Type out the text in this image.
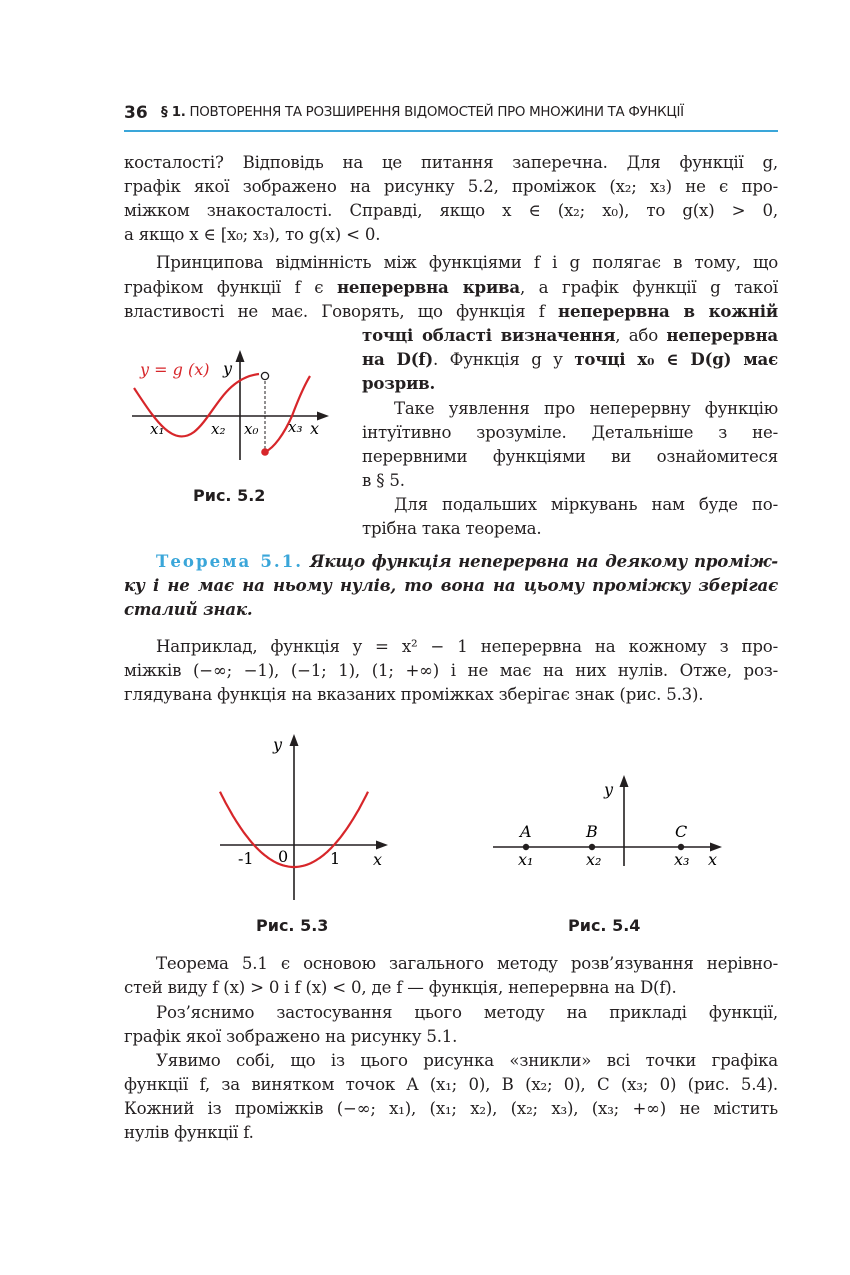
36 § 1. ПОВТОРЕННЯ ТА РОЗШИРЕННЯ ВІДОМОСТЕЙ ПРО МНОЖИНИ ТА ФУНКЦІЇ

косталості? Відповідь на це питання заперечна. Для функції g,

графік якої зображено на рисунку 5.2, проміжок (x₂; x₃) не є про-

міжком знакосталості. Справді, якщо x ∈ (x₂; x₀), то g(x) > 0,

а якщо x ∈ [x₀; x₃), то g(x) < 0.

Принципова відмінність між функціями f і g полягає в тому, що

графіком функції f є неперервна крива, а графік функції g такої

властивості не має. Говорять, що функція f неперервна в кожній

точці області визначення, або неперервна

на D(f). Функція g у точці x₀ ∈ D(g) має

розрив.

Таке уявлення про неперервну функцію

інтуїтивно зрозуміле. Детальніше з не-

перервними функціями ви ознайомитеся

в § 5.

Для подальших міркувань нам буде по-

трібна така теорема.

y = g (x) y
x₁	x₂ x₀ x₃ x
Рис. 5.2

Теорема 5.1. Якщо функція неперервна на деякому проміж-

ку і не має на ньому нулів, то вона на цьому проміжку зберігає

сталий знак.

Наприклад, функція y = x² − 1 неперервна на кожному з про-

міжків (−∞; −1), (−1; 1), (1; +∞) і не має на них нулів. Отже, роз-

глядувана функція на вказаних проміжках зберігає знак (рис. 5.3).

y
x
-1 0	1
Рис. 5.3
y
A	B	C
x₁	x₂	x₃ x
Рис. 5.4

Теорема 5.1 є основою загального методу розв’язування нерівно-

стей виду f (x) > 0 і f (x) < 0, де f — функція, неперервна на D(f).

Роз’яснимо застосування цього методу на прикладі функції,

графік якої зображено на рисунку 5.1.

Уявимо собі, що із цього рисунка «зникли» всі точки графіка

функції f, за винятком точок A (x₁; 0), B (x₂; 0), C (x₃; 0) (рис. 5.4).

Кожний із проміжків (−∞; x₁), (x₁; x₂), (x₂; x₃), (x₃; +∞) не містить

нулів функції f.
